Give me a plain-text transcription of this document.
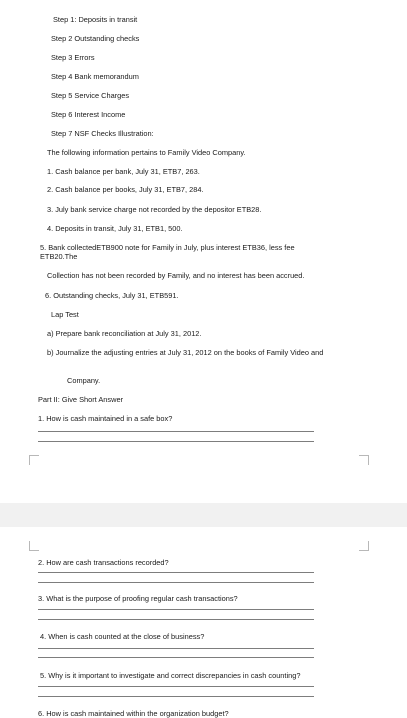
Step 1: Deposits in transit
Step 2 Outstanding checks
Step 3 Errors
Step 4 Bank memorandum
Step 5 Service Charges
Step 6 Interest Income
Step 7 NSF Checks Illustration:
The following information pertains to Family Video Company.
1. Cash balance per bank, July 31, ETB7, 263.
2. Cash balance per books, July 31, ETB7, 284.
3. July bank service charge not recorded by the depositor ETB28.
4. Deposits in transit, July 31, ETB1, 500.
5. Bank collectedETB900 note for Family in July, plus interest ETB36, less fee ETB20.The
Collection has not been recorded by Family, and no interest has been accrued.
6. Outstanding checks, July 31, ETB591.
Lap Test
a) Prepare bank reconciliation at July 31, 2012.
b) Journalize the adjusting entries at July 31, 2012 on the books of Family Video and
Company.
Part II: Give Short Answer
1. How is cash maintained in a safe box?
2. How are cash transactions recorded?
3. What is the purpose of proofing regular cash transactions?
4. When is cash counted at the close of business?
5. Why is it important to investigate and correct discrepancies in cash counting?
6. How is cash maintained within the organization budget?
